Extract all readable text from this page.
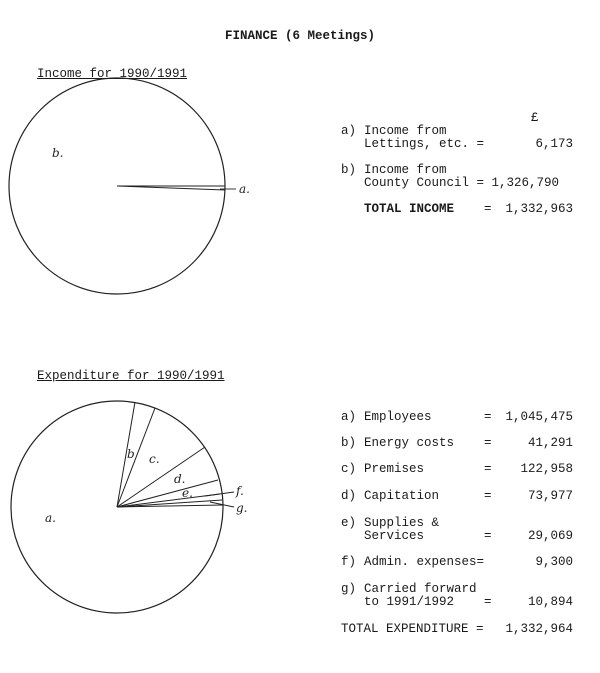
FINANCE (6 Meetings)
Income for 1990/1991
a.
b.
£
a) Income from
Lettings, etc. =	6,173
b) Income from
County Council = 1,326,790
TOTAL INCOME = 1,332,963
Expenditure for 1990/1991
a.
b c.
d.
e.	f.
g.
a) Employees	= 1,045,475
b) Energy costs =	41,291
c) Premises	= 122,958
d) Capitation	=	73,977
e) Supplies &
Services	=	29,069
f) Admin. expenses=	9,300
g) Carried forward
to 1991/1992 =	10,894
TOTAL EXPENDITURE = 1,332,964
